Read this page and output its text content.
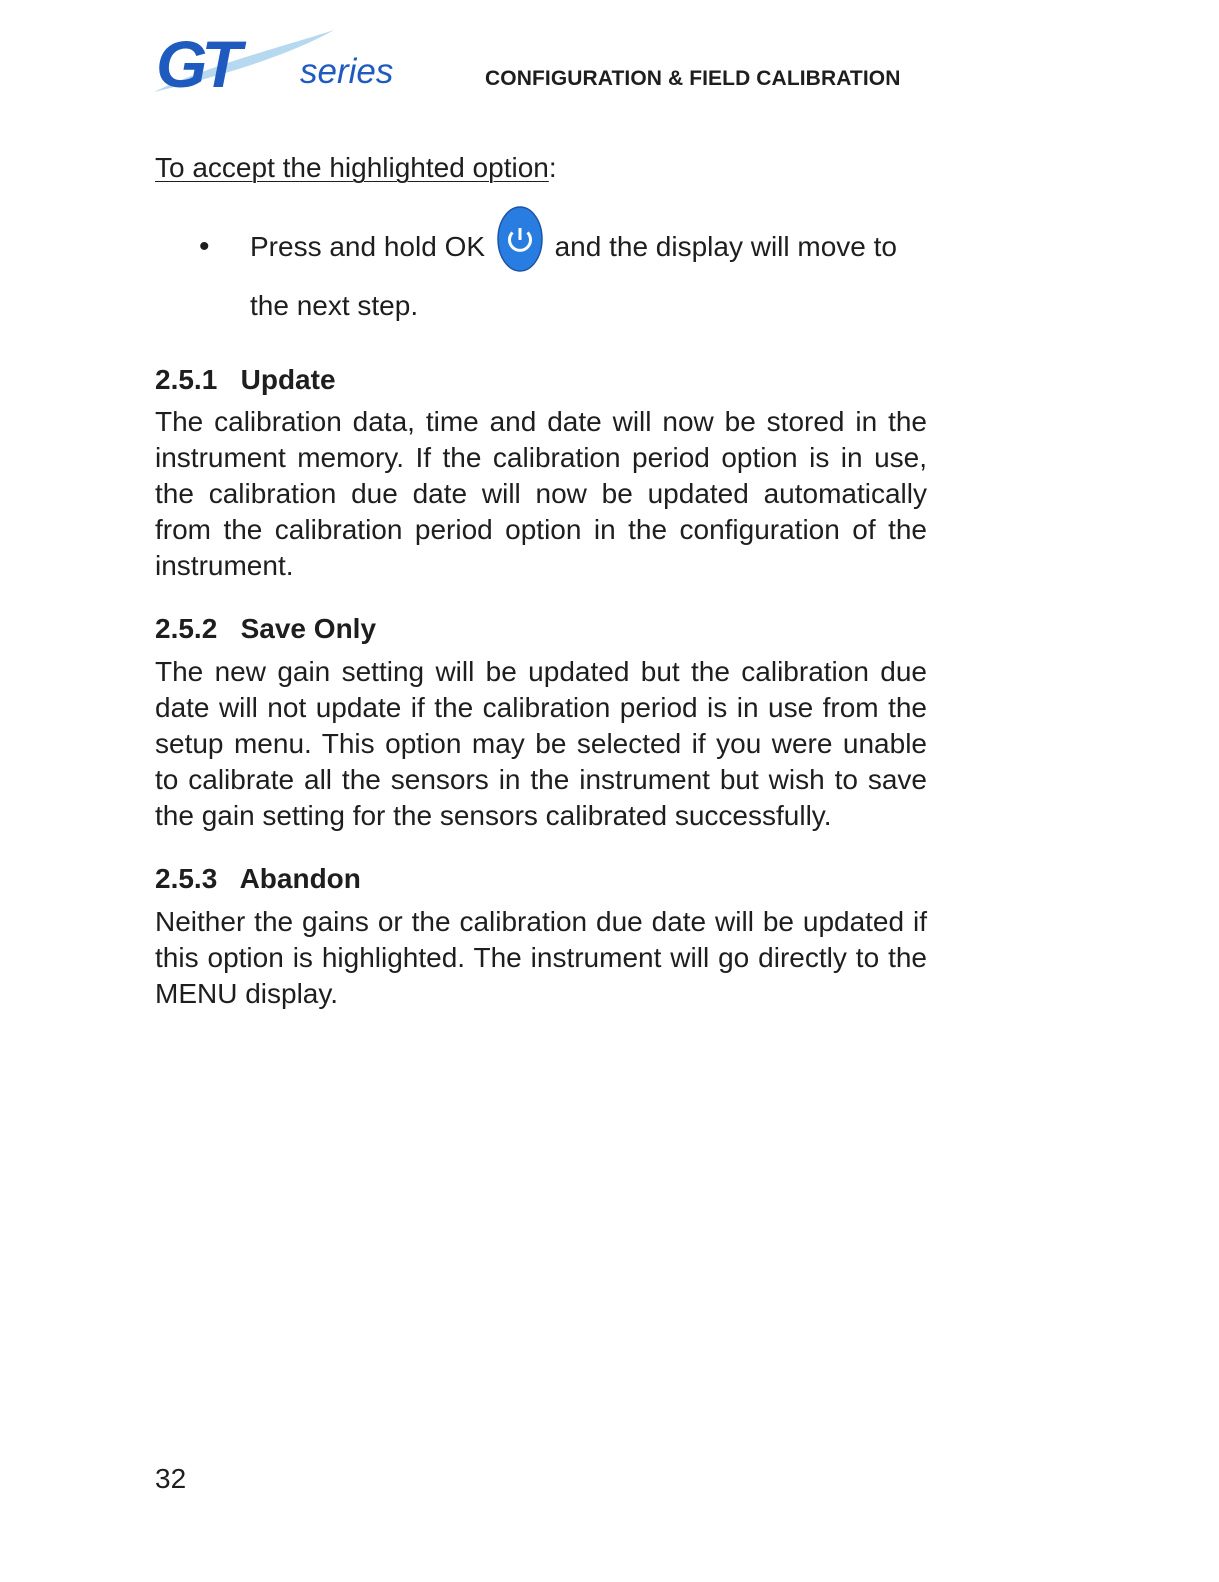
GT	series	CONFIGURATION & FIELD CALIBRATION

To accept the highlighted option:

• Press and hold OK and the display will move to the next step.
2.5.1   Update

The calibration data, time and date will now be stored in the instrument memory. If the calibration period option is in use, the calibration due date will now be updated automatically from the calibration period option in the configuration of the instrument.

2.5.2   Save Only

The new gain setting will be updated but the calibration due date will not update if the calibration period is in use from the setup menu. This option may be selected if you were unable to calibrate all the sensors in the instrument but wish to save the gain setting for the sensors calibrated successfully.

2.5.3   Abandon

Neither the gains or the calibration due date will be updated if this option is highlighted. The instrument will go directly to the MENU display.

32
